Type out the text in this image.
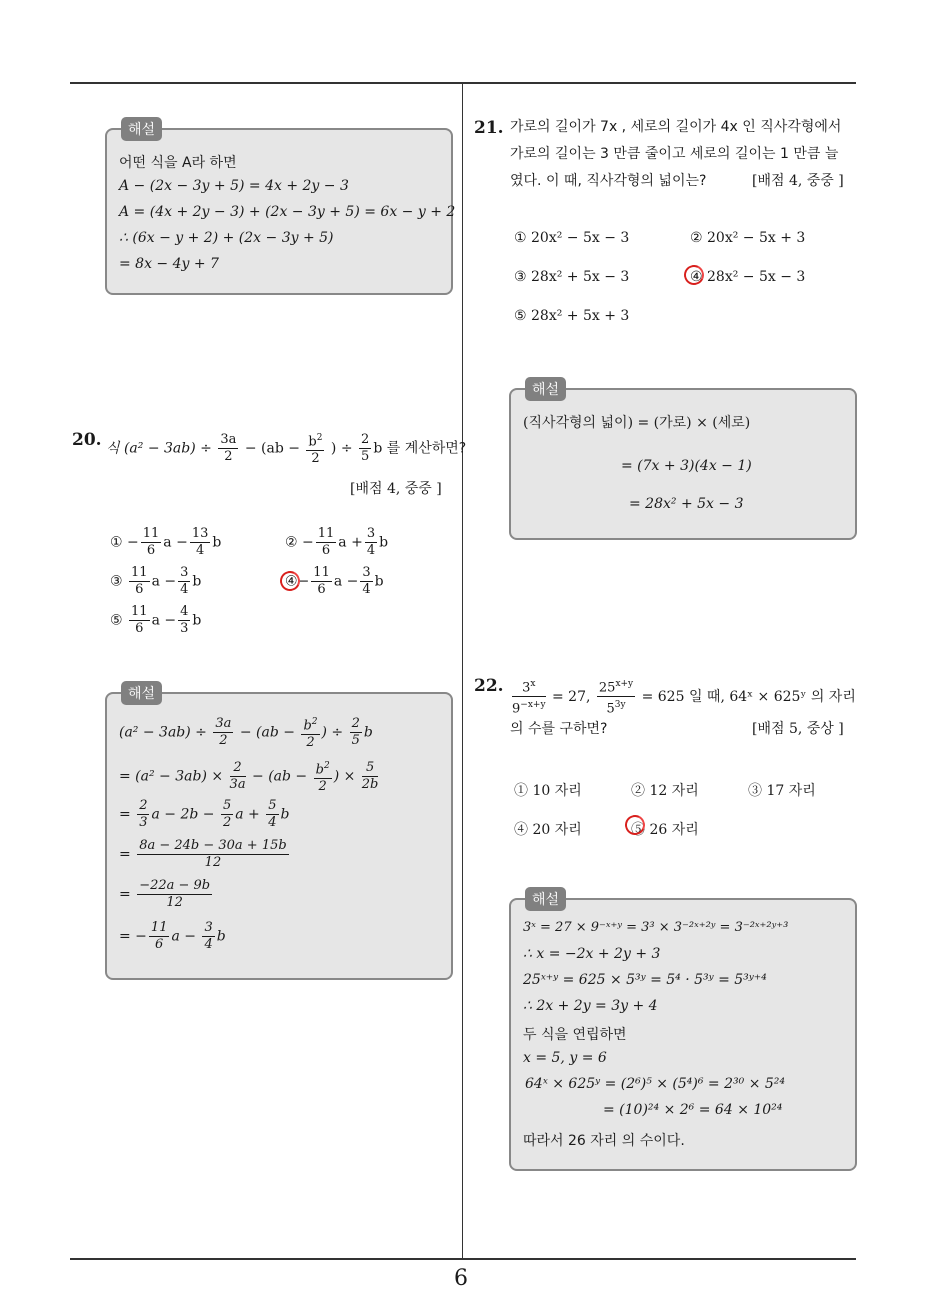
6
해설
어떤 식을 A라 하면
A − (2x − 3y + 5) = 4x + 2y − 3
A = (4x + 2y − 3) + (2x − 3y + 5) = 6x − y + 2
∴ (6x − y + 2) + (2x − 3y + 5)
= 8x − 4y + 7
20. 식 $(a^2 - 3ab) \div \frac{3a}{2} - (ab - \frac{b^2}{2}$ ) ÷ $\frac{2}{5}$ b 를 계산하면?
[배점 4, 중중 ]
① − $\frac{11}{6}$ $a - \frac{13}{4}$ b	② − $\frac{11}{6}$ $a + \frac{3}{4}$ b
③ $\frac{11}{6}$ $a - \frac{3}{4}$ b	④− $\frac{11}{6}$ $a - \frac{3}{4}$ b
⑤ $\frac{11}{6}$ $a - \frac{4}{3}$ b
해설
$(a^2 - 3ab) \div \frac{3a}{2} - (ab - \frac{b^2}{2}$ ) ÷ $\frac{2}{5}$ b
= $(a^2 - 3ab) \times \frac{2}{3a} - (ab - \frac{b^2}{2}$ ) × $\frac{5}{2b}$
= $\frac{2}{3}$ $a - 2b - \frac{5}{2}$ $a + \frac{5}{4}$ b
= $\frac{8a - 24b - 30a + 15b}{12}$
= $\frac{-22a - 9b}{12}$
= − $\frac{11}{6}$ $a - \frac{3}{4}$ b
21. 가로의 길이가 7x , 세로의 길이가 4x 인 직사각형에서
가로의 길이는 3 만큼 줄이고 세로의 길이는 1 만큼 늘
였다. 이 때, 직사각형의 넓이는?	[배점 4, 중중 ]
① 20x² − 5x − 3	② 20x² − 5x + 3
③ 28x² + 5x − 3	④ 28x² − 5x − 3
⑤ 28x² + 5x + 3
해설
(직사각형의 넓이) = (가로) × (세로)
= (7x + 3)(4x − 1)
= 28x² + 5x − 3
22. $\frac{3^x}{9^{-x+y}} = 27$, $\frac{25^{x+y}}{5^{3y}} = 625$ 일 때, 64ˣ × 625ʸ 의 자리
의 수를 구하면?	[배점 5, 중상 ]
① 10 자리	② 12 자리	③ 17 자리
④ 20 자리	⑤ 26 자리
해설
3ˣ = 27 × 9⁻ˣ⁺ʸ = 3³ × 3⁻²ˣ⁺²ʸ = 3⁻²ˣ⁺²ʸ⁺³
∴ x = −2x + 2y + 3
25ˣ⁺ʸ = 625 × 5³ʸ = 5⁴ · 5³ʸ = 5³ʸ⁺⁴
∴ 2x + 2y = 3y + 4
두 식을 연립하면
x = 5, y = 6
64ˣ × 625ʸ = (2⁶)⁵ × (5⁴)⁶ = 2³⁰ × 5²⁴
= (10)²⁴ × 2⁶ = 64 × 10²⁴
따라서 26 자리 의 수이다.
